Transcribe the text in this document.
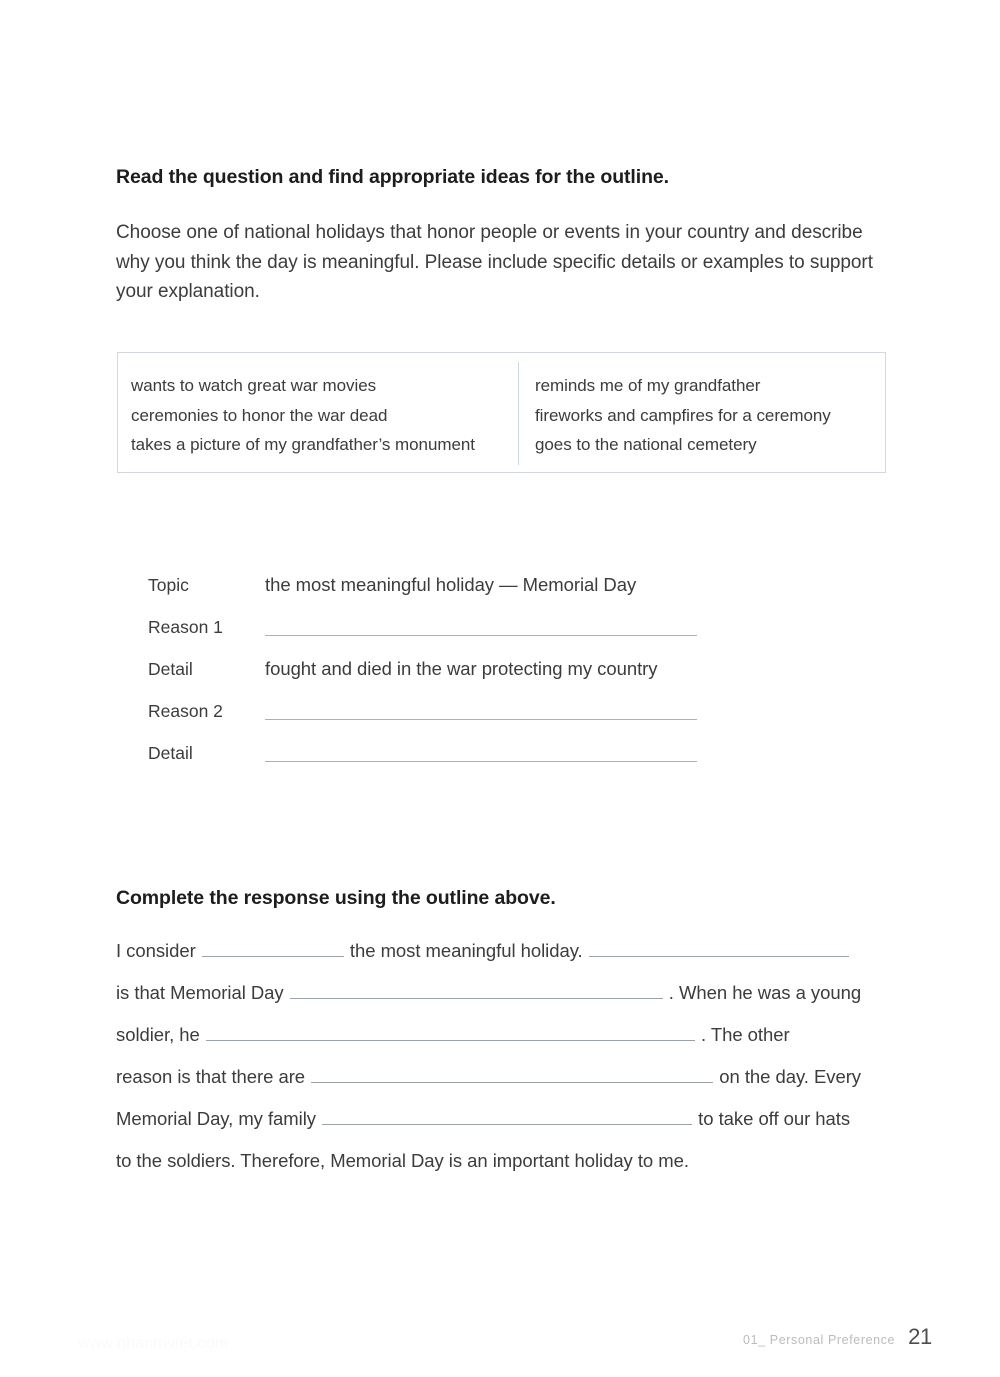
Read the question and find appropriate ideas for the outline.
Choose one of national holidays that honor people or events in your country and describe why you think the day is meaningful. Please include specific details or examples to support your explanation.
wants to watch great war movies
ceremonies to honor the war dead
takes a picture of my grandfather’s monument
reminds me of my grandfather
fireworks and campfires for a ceremony
goes to the national cemetery
Topic	the most meaningful holiday — Memorial Day
Reason 1
Detail	fought and died in the war protecting my country
Reason 2
Detail
Complete the response using the outline above.
I consider	the most meaningful holiday.
is that Memorial Day	. When he was a young
soldier, he	. The other
reason is that there are	on the day. Every
Memorial Day, my family	to take off our hats
to the soldiers. Therefore, Memorial Day is an important holiday to me.
01_ Personal Preference 21
www.nhantriviet.com
